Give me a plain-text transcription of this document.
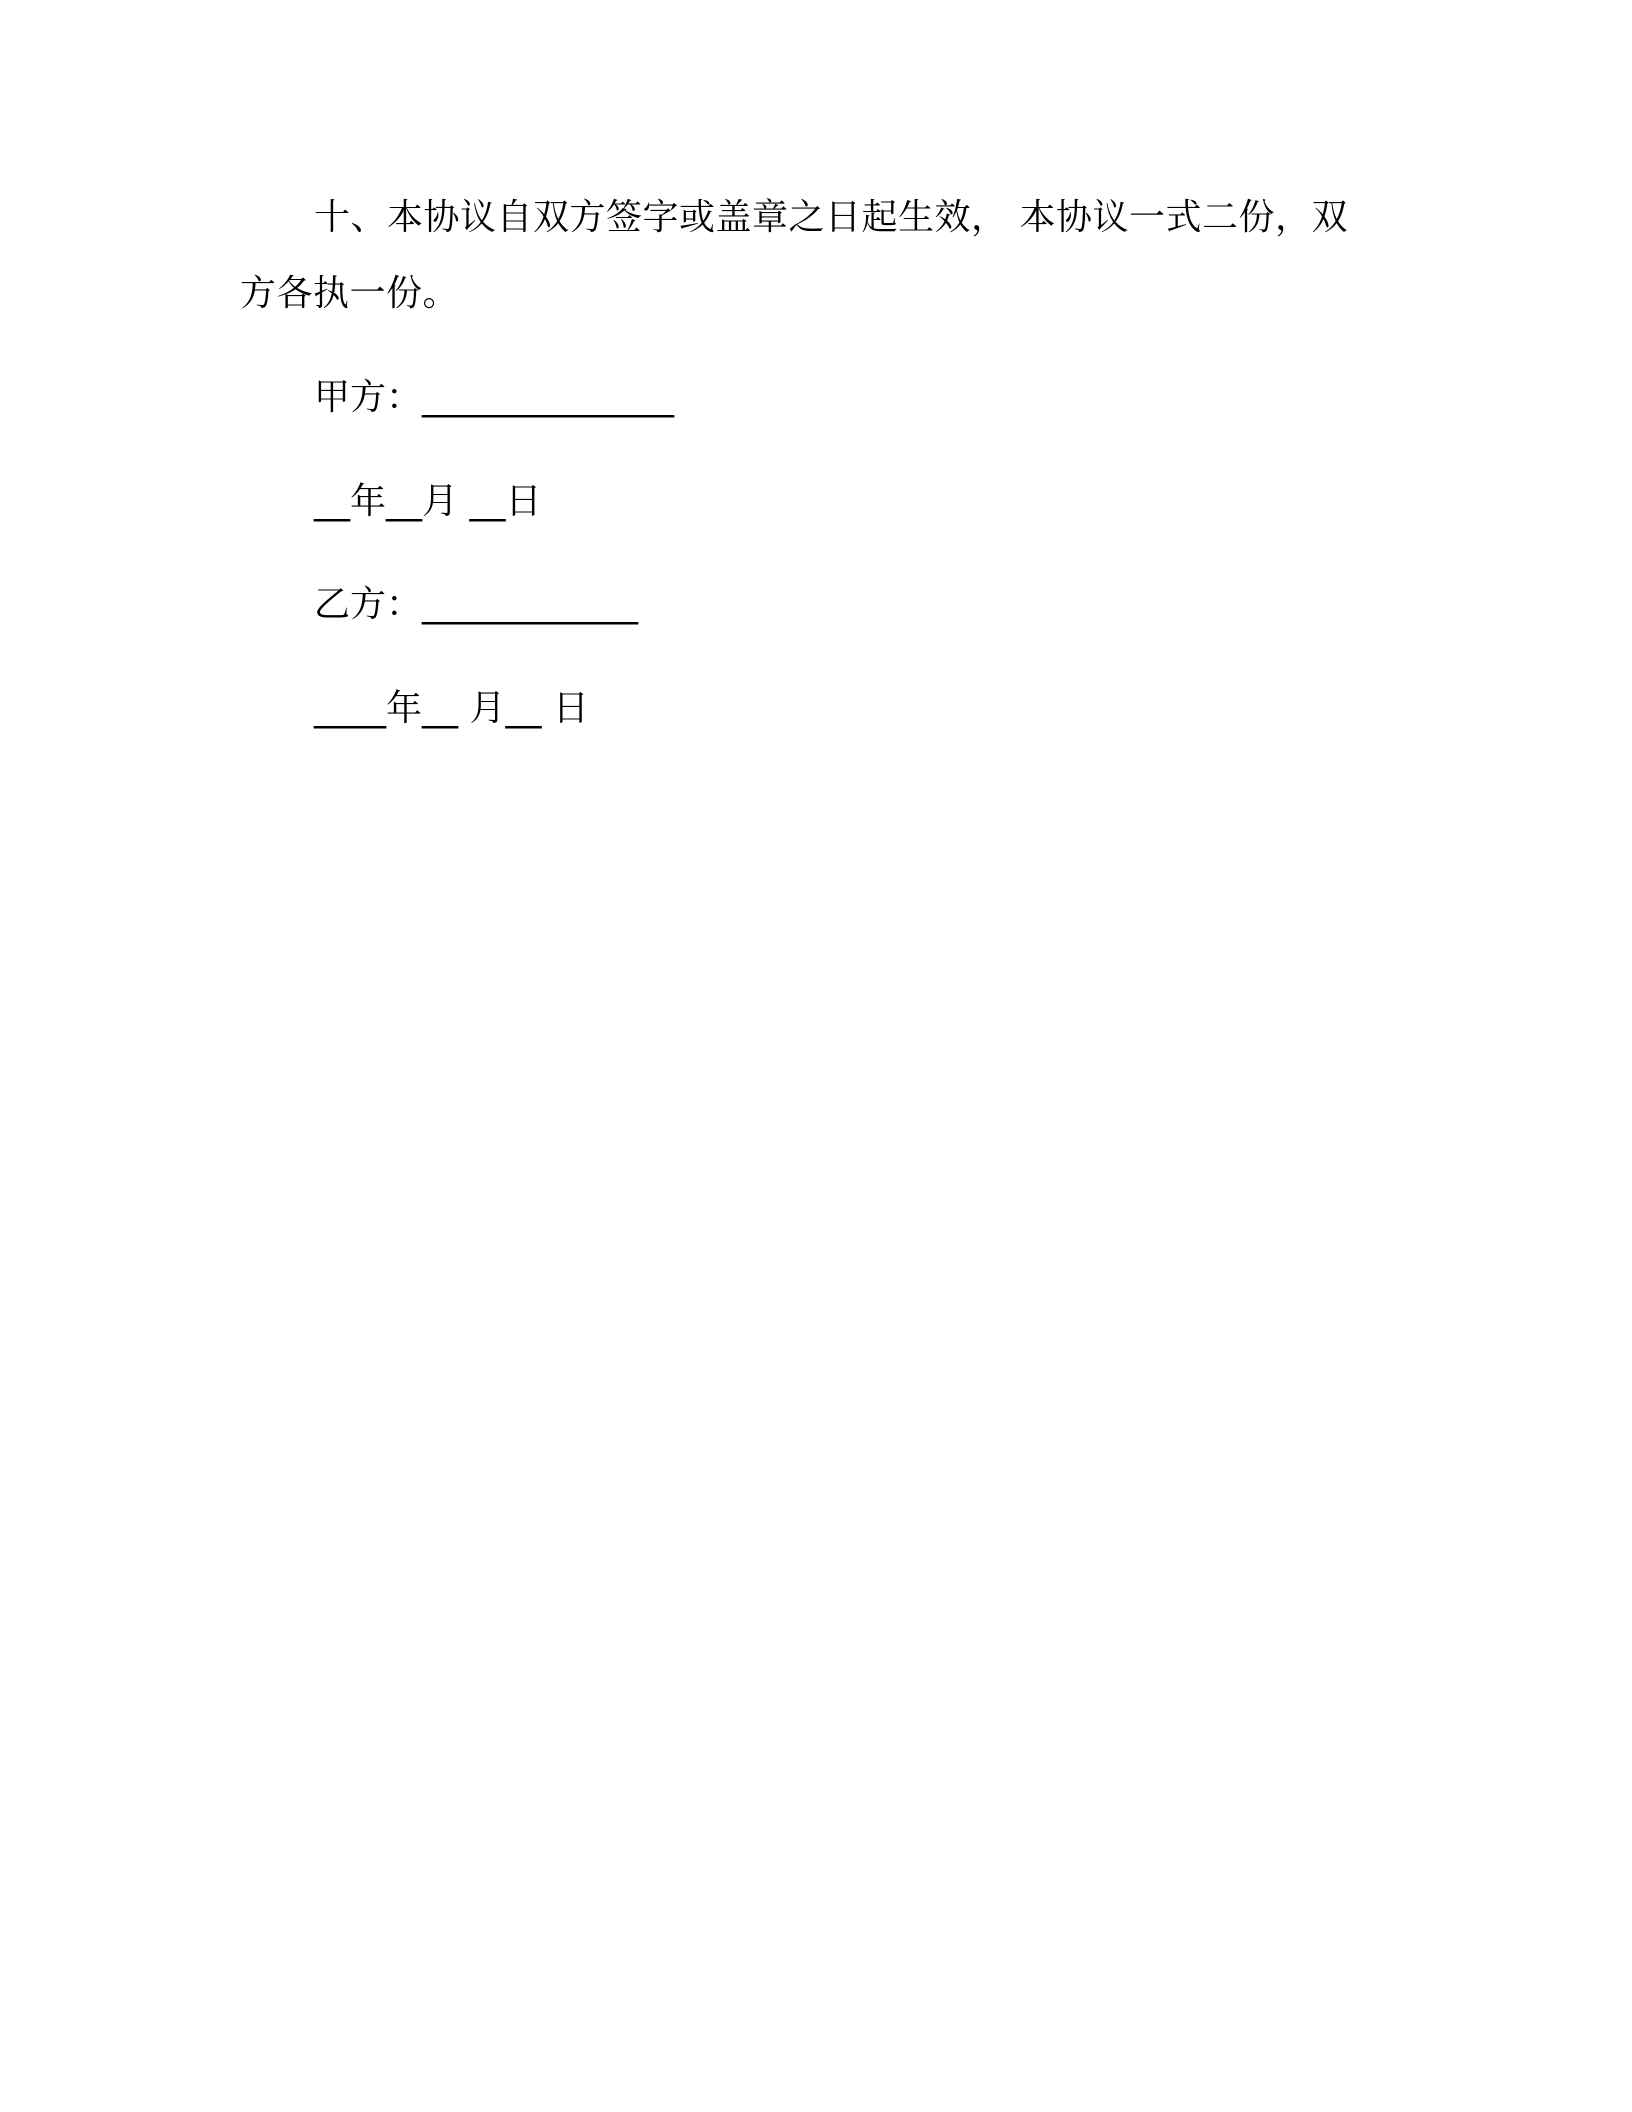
十、本协议自双方签字或盖章之日起生效， 本协议一式二份，双方各执一份。

甲方：______________

__年__月 __日

乙方：____________

____年__ 月__ 日
